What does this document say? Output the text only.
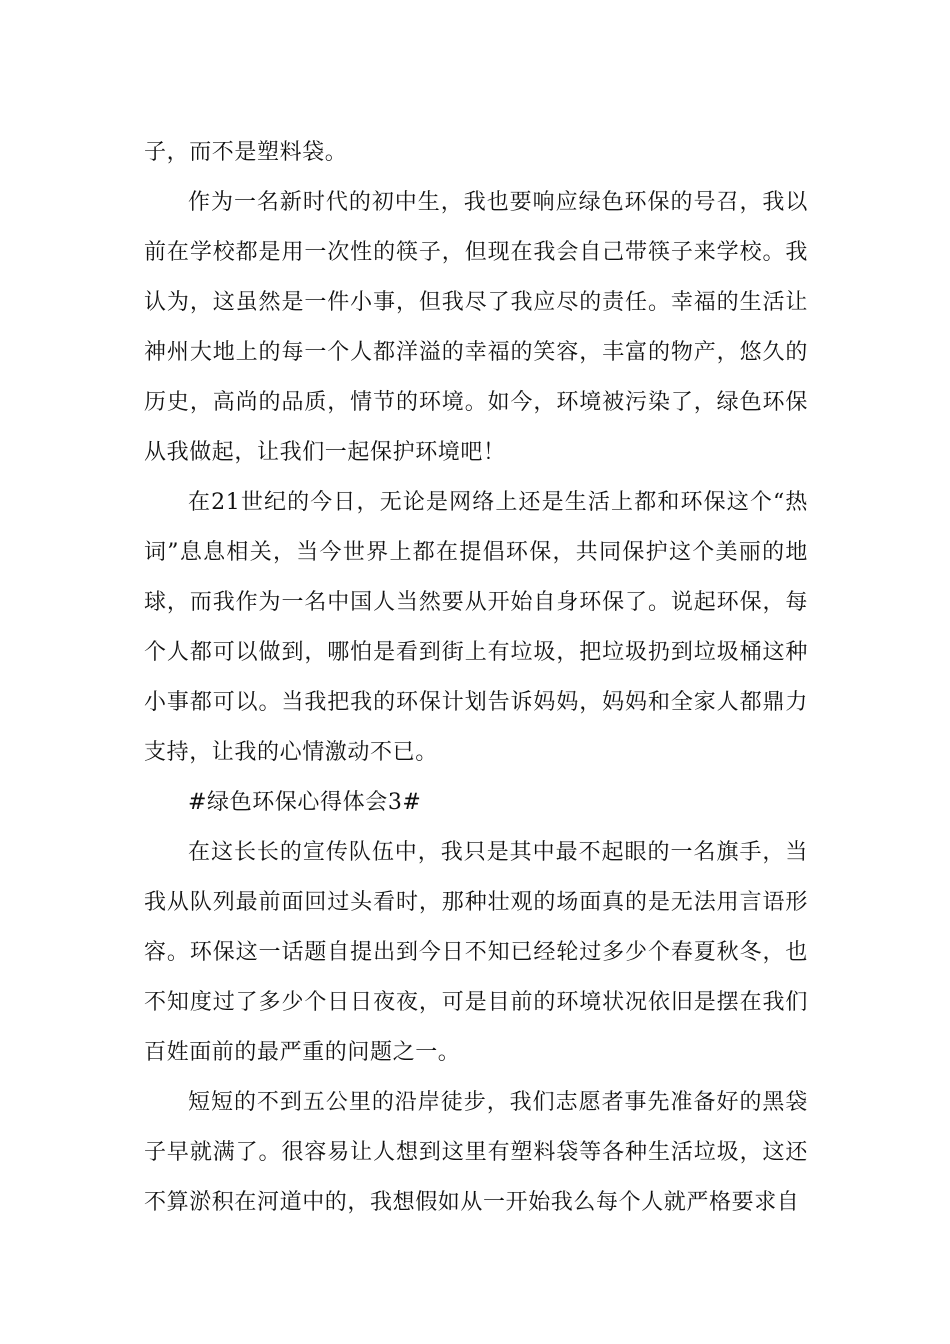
子，而不是塑料袋。

作为一名新时代的初中生，我也要响应绿色环保的号召，我以前在学校都是用一次性的筷子，但现在我会自己带筷子来学校。我认为，这虽然是一件小事，但我尽了我应尽的责任。幸福的生活让神州大地上的每一个人都洋溢的幸福的笑容，丰富的物产，悠久的历史，高尚的品质，情节的环境。如今，环境被污染了，绿色环保从我做起，让我们一起保护环境吧！

在21世纪的今日，无论是网络上还是生活上都和环保这个“热词”息息相关，当今世界上都在提倡环保，共同保护这个美丽的地球，而我作为一名中国人当然要从开始自身环保了。说起环保，每个人都可以做到，哪怕是看到街上有垃圾，把垃圾扔到垃圾桶这种小事都可以。当我把我的环保计划告诉妈妈，妈妈和全家人都鼎力支持，让我的心情激动不已。

#绿色环保心得体会3#

在这长长的宣传队伍中，我只是其中最不起眼的一名旗手，当我从队列最前面回过头看时，那种壮观的场面真的是无法用言语形容。环保这一话题自提出到今日不知已经轮过多少个春夏秋冬，也不知度过了多少个日日夜夜，可是目前的环境状况依旧是摆在我们百姓面前的最严重的问题之一。

短短的不到五公里的沿岸徒步，我们志愿者事先准备好的黑袋子早就满了。很容易让人想到这里有塑料袋等各种生活垃圾，这还不算淤积在河道中的，我想假如从一开始我么每个人就严格要求自
